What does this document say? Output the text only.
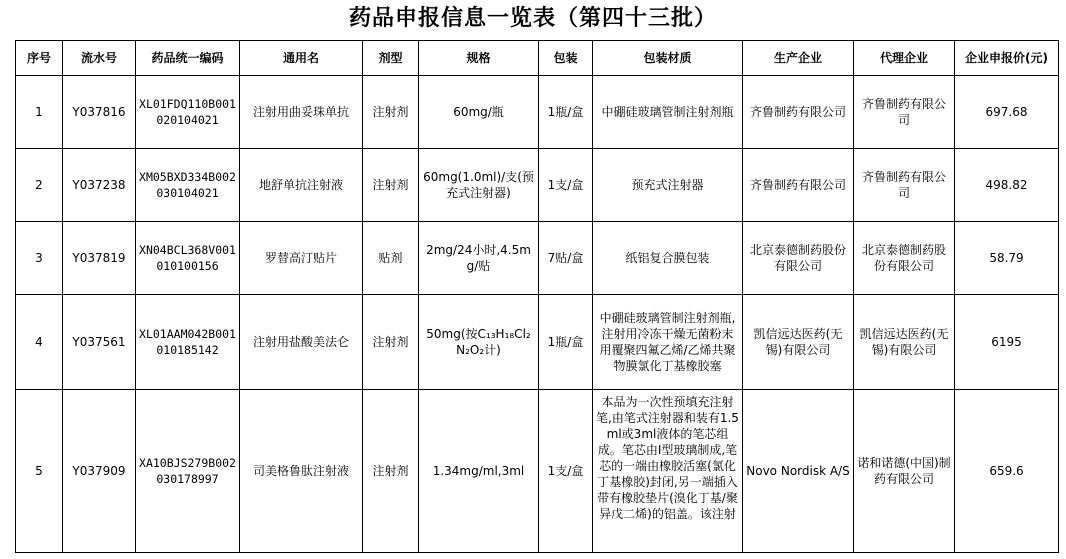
药品申报信息一览表（第四十三批）
序号	流水号	药品统一编码	通用名	剂型	规格	包装	包装材质	生产企业	代理企业	企业申报价(元)
1	Y037816	XL01FDQ110B001020104021	注射用曲妥珠单抗	注射剂	60mg/瓶	1瓶/盒	中硼硅玻璃管制注射剂瓶	齐鲁制药有限公司	齐鲁制药有限公司	697.68
2	Y037238	XM05BXD334B002030104021	地舒单抗注射液	注射剂	60mg(1.0ml)/支(预充式注射器)	1支/盒	预充式注射器	齐鲁制药有限公司	齐鲁制药有限公司	498.82
3	Y037819	XN04BCL368V001010100156	罗替高汀贴片	贴剂	2mg/24小时,4.5mg/贴	7贴/盒	纸铝复合膜包装	北京泰德制药股份有限公司	北京泰德制药股份有限公司	58.79
4	Y037561	XL01AAM042B001010185142	注射用盐酸美法仑	注射剂	50mg(按C₁₃H₁₈Cl₂N₂O₂计)	1瓶/盒	中硼硅玻璃管制注射剂瓶,注射用冷冻干燥无菌粉末用覆聚四氟乙烯/乙烯共聚物膜氯化丁基橡胶塞	凯信远达医药(无锡)有限公司	凯信远达医药(无锡)有限公司	6195
5	Y037909	XA10BJS279B002030178997	司美格鲁肽注射液	注射剂	1.34mg/ml,3ml	1支/盒	本品为一次性预填充注射笔,由笔式注射器和装有1.5ml或3ml液体的笔芯组成。笔芯由I型玻璃制成,笔芯的一端由橡胶活塞(氯化丁基橡胶)封闭,另一端插入带有橡胶垫片(溴化丁基/聚异戊二烯)的铝盖。该注射	Novo Nordisk A/S	诺和诺德(中国)制药有限公司	659.6
